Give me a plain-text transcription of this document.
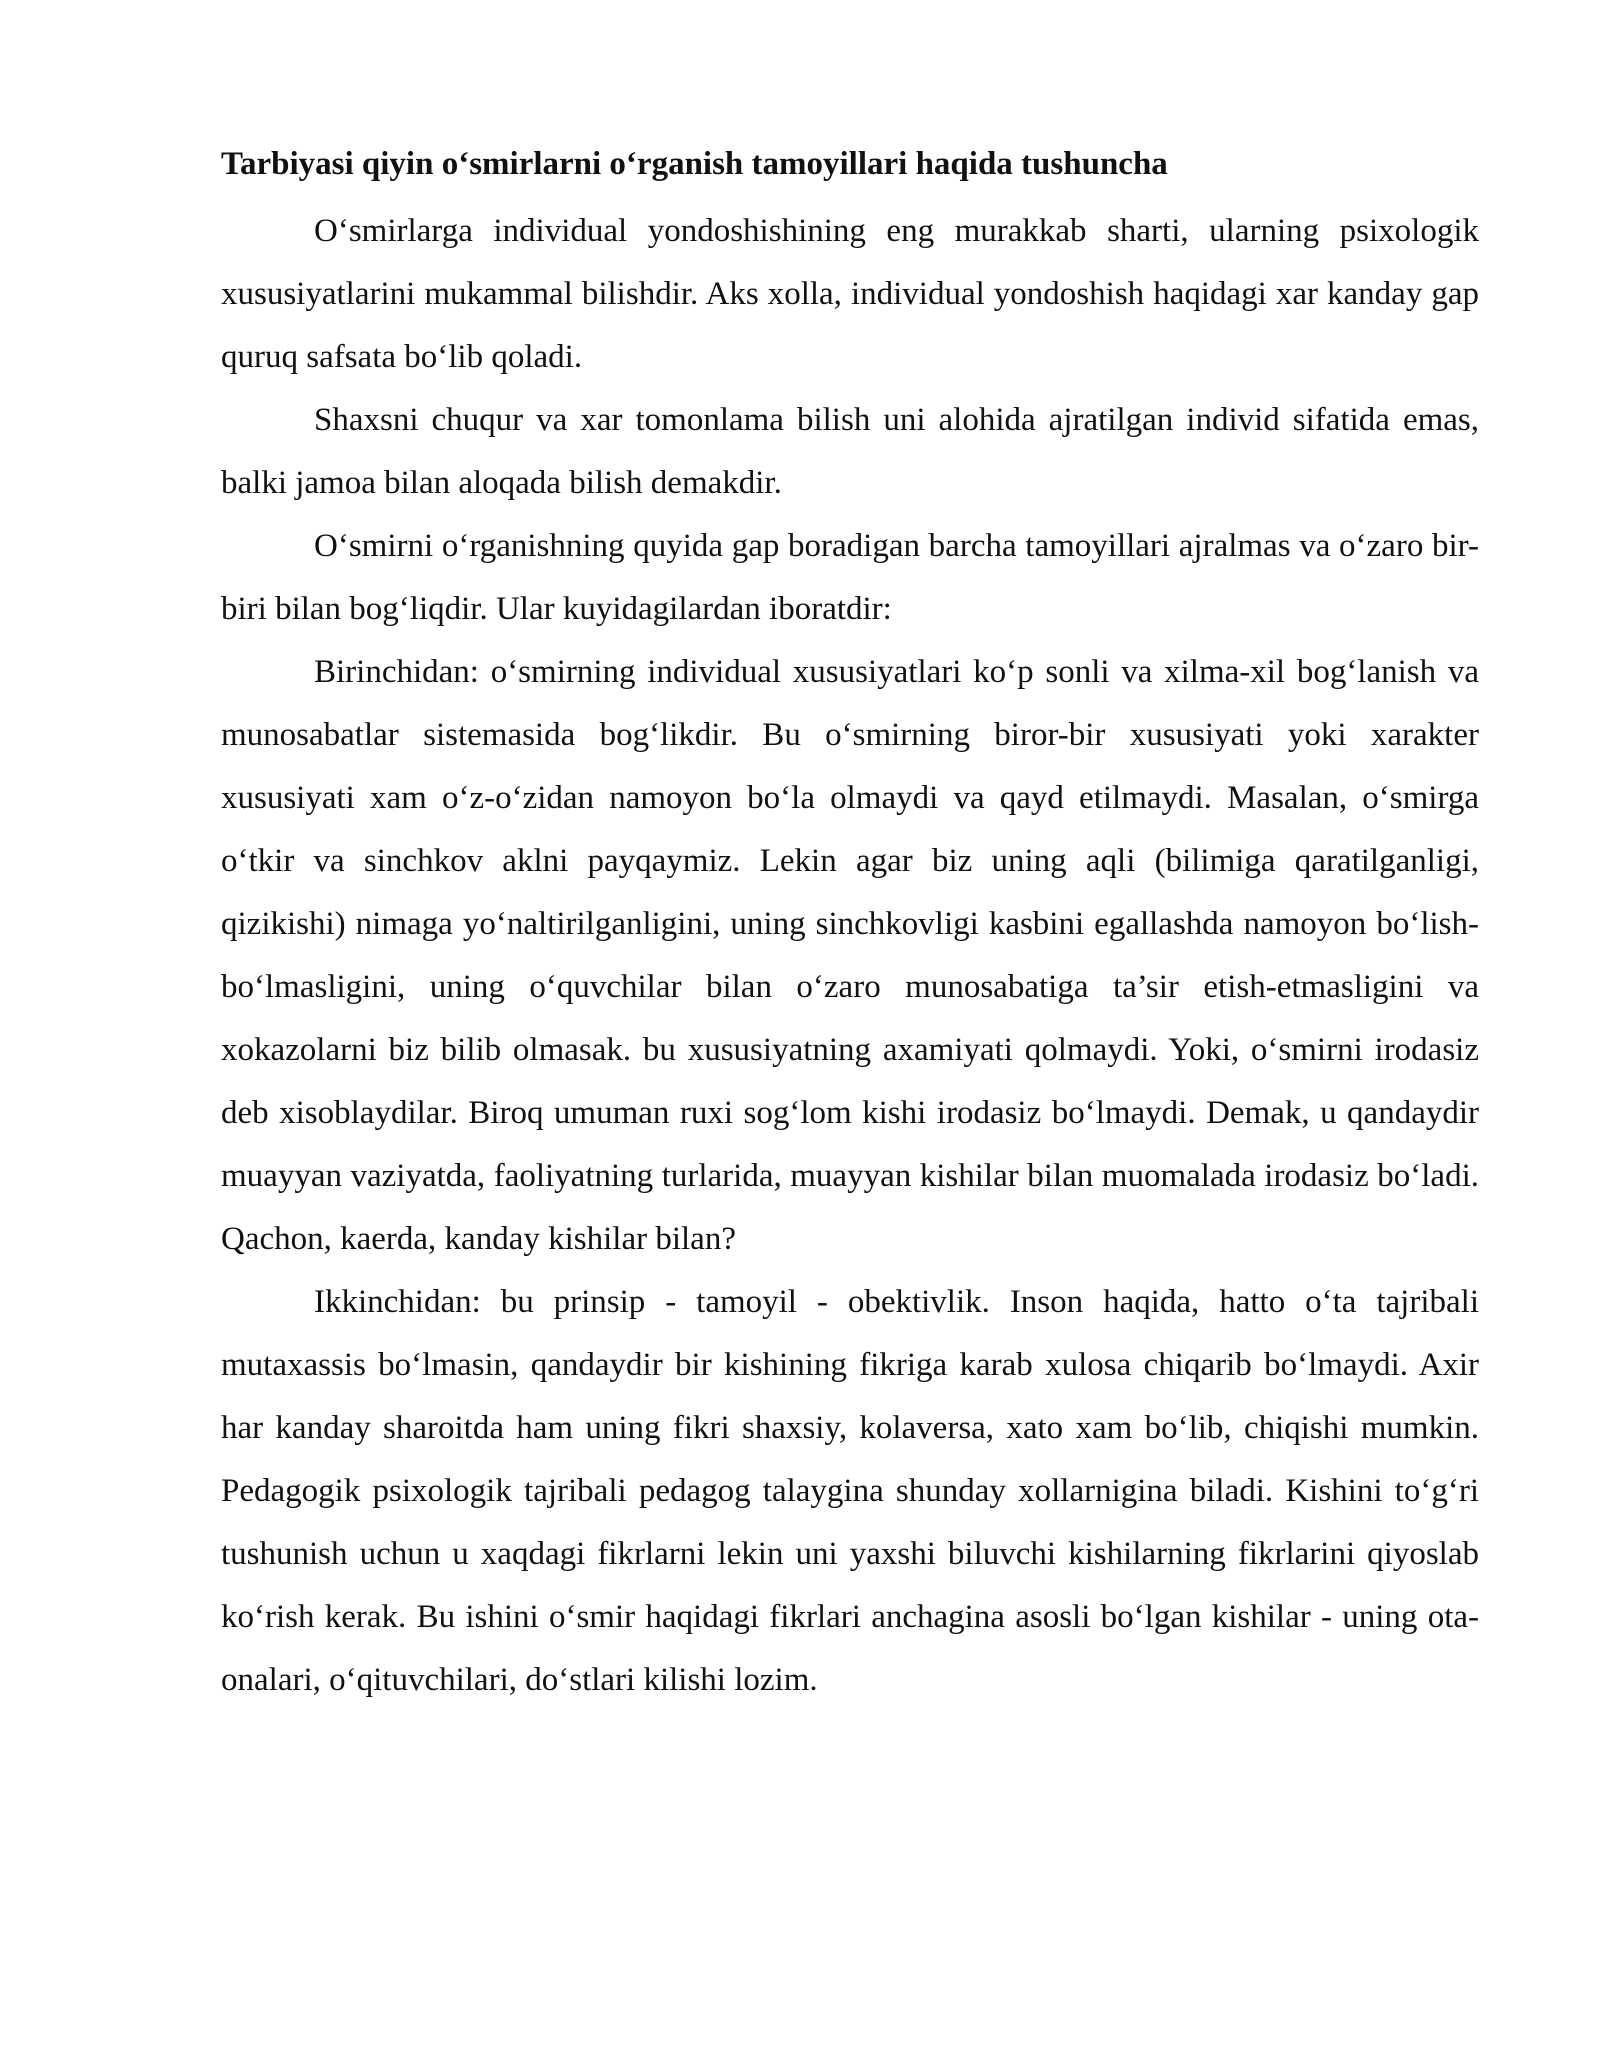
Tarbiyasi qiyin o‘smirlarni o‘rganish tamoyillari haqida tushuncha

O‘smirlarga individual yondoshishining eng murakkab sharti, ularning psixologik xususiyatlarini mukammal bilishdir. Aks xolla, individual yondoshish haqidagi xar kanday gap quruq safsata bo‘lib qoladi.

Shaxsni chuqur va xar tomonlama bilish uni alohida ajratilgan individ sifatida emas, balki jamoa bilan aloqada bilish demakdir.

O‘smirni o‘rganishning quyida gap boradigan barcha tamoyillari ajralmas va o‘zaro bir-biri bilan bog‘liqdir. Ular kuyidagilardan iboratdir:

Birinchidan: o‘smirning individual xususiyatlari ko‘p sonli va xilma-xil bog‘lanish va munosabatlar sistemasida bog‘likdir. Bu o‘smirning biror-bir xususiyati yoki xarakter xususiyati xam o‘z-o‘zidan namoyon bo‘la olmaydi va qayd etilmaydi. Masalan, o‘smirga o‘tkir va sinchkov aklni payqaymiz. Lekin agar biz uning aqli (bilimiga qaratilganligi, qizikishi) nimaga yo‘naltirilganligini, uning sinchkovligi kasbini egallashda namoyon bo‘lish-bo‘lmasligini, uning o‘quvchilar bilan o‘zaro munosabatiga ta’sir etish-etmasligini va xokazolarni biz bilib olmasak. bu xususiyatning axamiyati qolmaydi. Yoki, o‘smirni irodasiz deb xisoblaydilar. Biroq umuman ruxi sog‘lom kishi irodasiz bo‘lmaydi. Demak, u qandaydir muayyan vaziyatda, faoliyatning turlarida, muayyan kishilar bilan muomalada irodasiz bo‘ladi. Qachon, kaerda, kanday kishilar bilan?

Ikkinchidan: bu prinsip - tamoyil - obektivlik. Inson haqida, hatto o‘ta tajribali mutaxassis bo‘lmasin, qandaydir bir kishining fikriga karab xulosa chiqarib bo‘lmaydi. Axir har kanday sharoitda ham uning fikri shaxsiy, kolaversa, xato xam bo‘lib, chiqishi mumkin. Pedagogik psixologik tajribali pedagog talaygina shunday xollarnigina biladi. Kishini to‘g‘ri tushunish uchun u xaqdagi fikrlarni lekin uni yaxshi biluvchi kishilarning fikrlarini qiyoslab ko‘rish kerak. Bu ishini o‘smir haqidagi fikrlari anchagina asosli bo‘lgan kishilar - uning ota-onalari, o‘qituvchilari, do‘stlari kilishi lozim.
